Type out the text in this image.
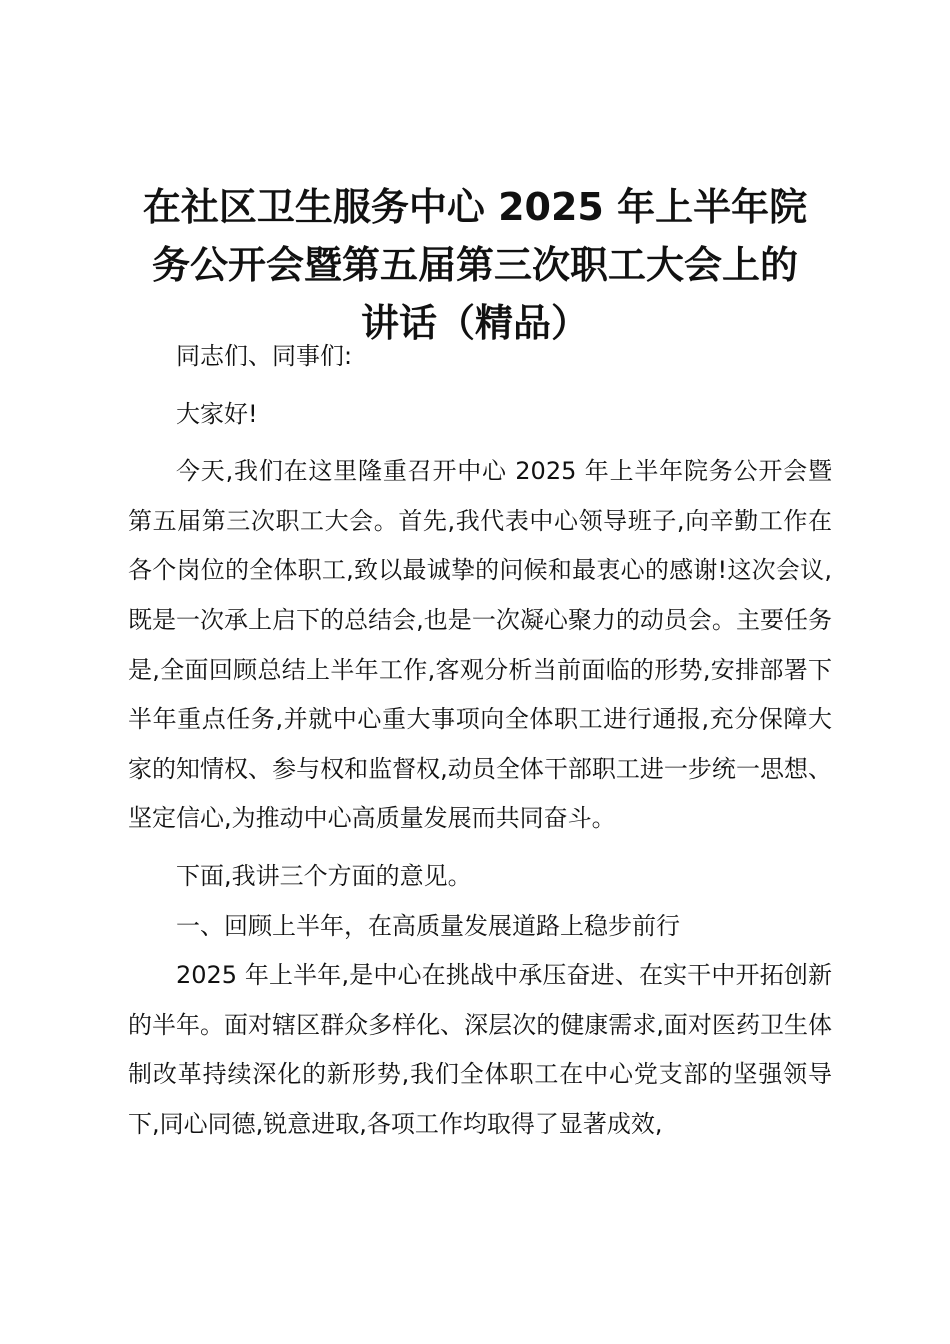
在社区卫生服务中心 2025 年上半年院
务公开会暨第五届第三次职工大会上的
讲话（精品）

同志们、同事们:

大家好!

今天,我们在这里隆重召开中心 2025 年上半年院务公开会暨第五届第三次职工大会。首先,我代表中心领导班子,向辛勤工作在各个岗位的全体职工,致以最诚挚的问候和最衷心的感谢!这次会议,既是一次承上启下的总结会,也是一次凝心聚力的动员会。主要任务是,全面回顾总结上半年工作,客观分析当前面临的形势,安排部署下半年重点任务,并就中心重大事项向全体职工进行通报,充分保障大家的知情权、参与权和监督权,动员全体干部职工进一步统一思想、坚定信心,为推动中心高质量发展而共同奋斗。

下面,我讲三个方面的意见。

一、回顾上半年，在高质量发展道路上稳步前行

2025 年上半年,是中心在挑战中承压奋进、在实干中开拓创新的半年。面对辖区群众多样化、深层次的健康需求,面对医药卫生体制改革持续深化的新形势,我们全体职工在中心党支部的坚强领导下,同心同德,锐意进取,各项工作均取得了显著成效,
